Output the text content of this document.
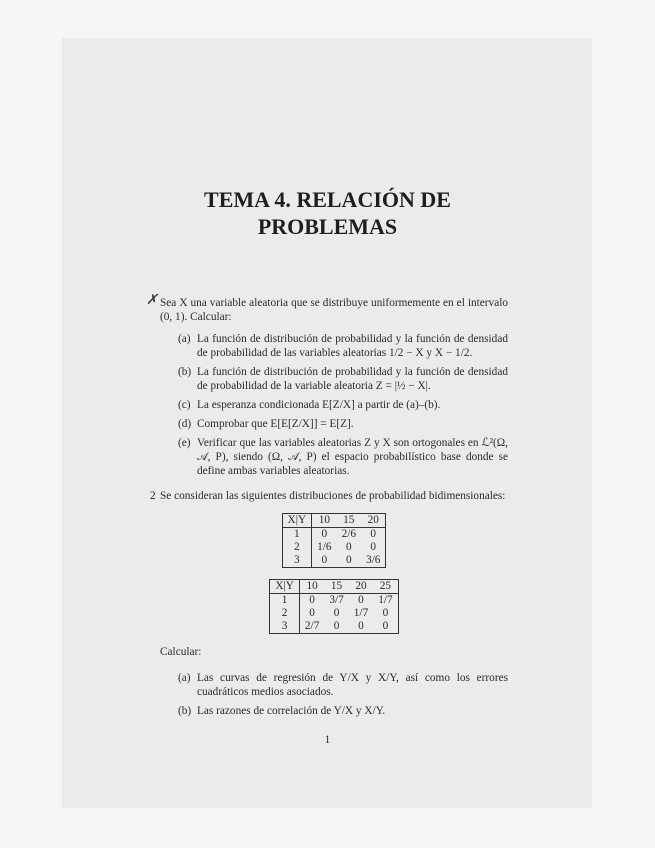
TEMA 4. RELACIÓN DE
PROBLEMAS
✗ Sea X una variable aleatoria que se distribuye uniformemente en el intervalo (0, 1). Calcular:
(a) La función de distribución de probabilidad y la función de densidad de probabilidad de las variables aleatorias 1/2 − X y X − 1/2.
(b) La función de distribución de probabilidad y la función de densidad de probabilidad de la variable aleatoria Z = |½ − X|.
(c) La esperanza condicionada E[Z/X] a partir de (a)–(b).
(d) Comprobar que E[E[Z/X]] = E[Z].
(e) Verificar que las variables aleatorias Z y X son ortogonales en ℒ²(Ω, 𝒜, P), siendo (Ω, 𝒜, P) el espacio probabilístico base donde se define ambas variables aleatorias.
2 Se consideran las siguientes distribuciones de probabilidad bidimensionales:
X|Y	10	15	20
1	0	2/6	0
2	1/6	0	0
3	0	0	3/6
X|Y	10	15	20	25
1	0	3/7	0	1/7
2	0	0	1/7	0
3	2/7	0	0	0
Calcular:
(a) Las curvas de regresión de Y/X y X/Y, así como los errores cuadráticos medios asociados.
(b) Las razones de correlación de Y/X y X/Y.
1
